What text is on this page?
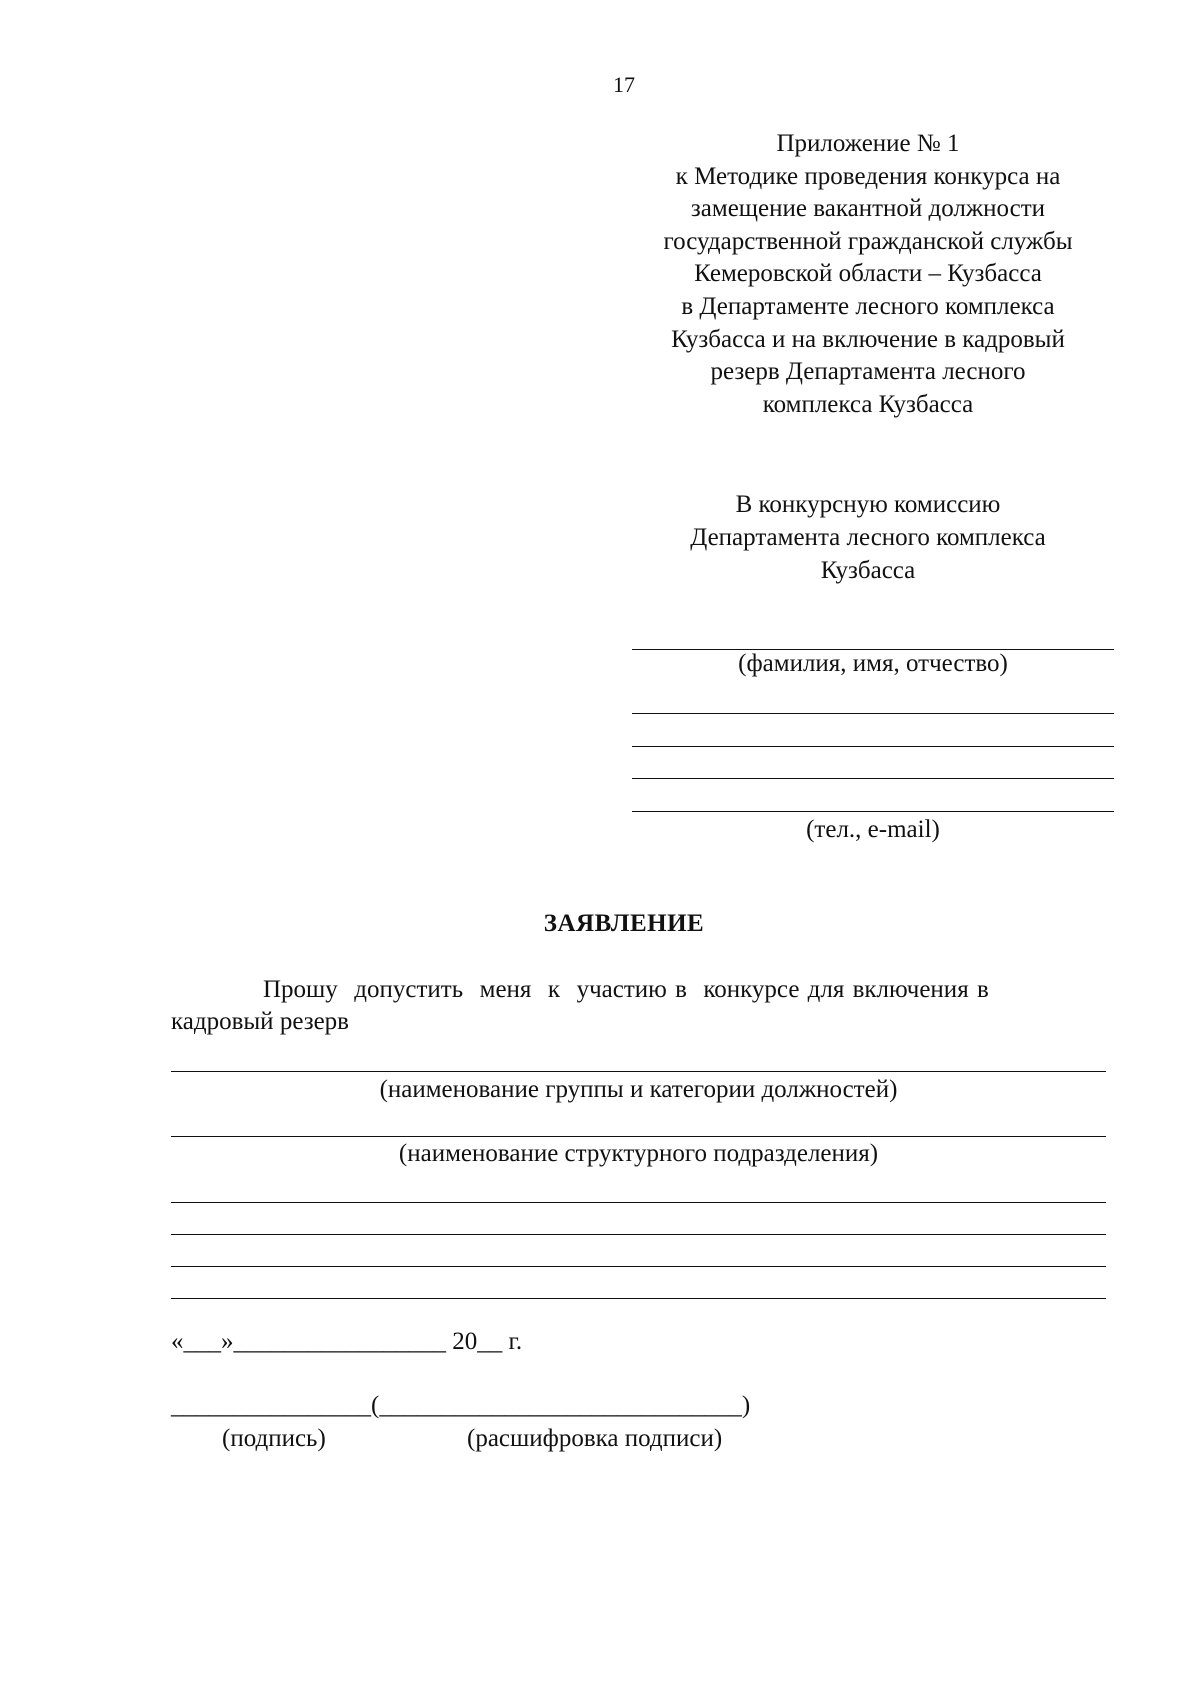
17
Приложение № 1
к Методике проведения конкурса на
замещение вакантной должности
государственной гражданской службы
Кемеровской области – Кузбасса
в Департаменте лесного комплекса
Кузбасса и на включение в кадровый
резерв Департамента лесного
комплекса Кузбасса
В конкурсную комиссию
Департамента лесного комплекса
Кузбасса
(фамилия, имя, отчество)
(тел., e-mail)
ЗАЯВЛЕНИЕ
Прошу  допустить  меня  к  участию в  конкурсе для включения в
кадровый резерв
(наименование группы и категории должностей)
(наименование структурного подразделения)
«___»_________________ 20__ г.
________________(_____________________________)
(подпись)	(расшифровка подписи)
